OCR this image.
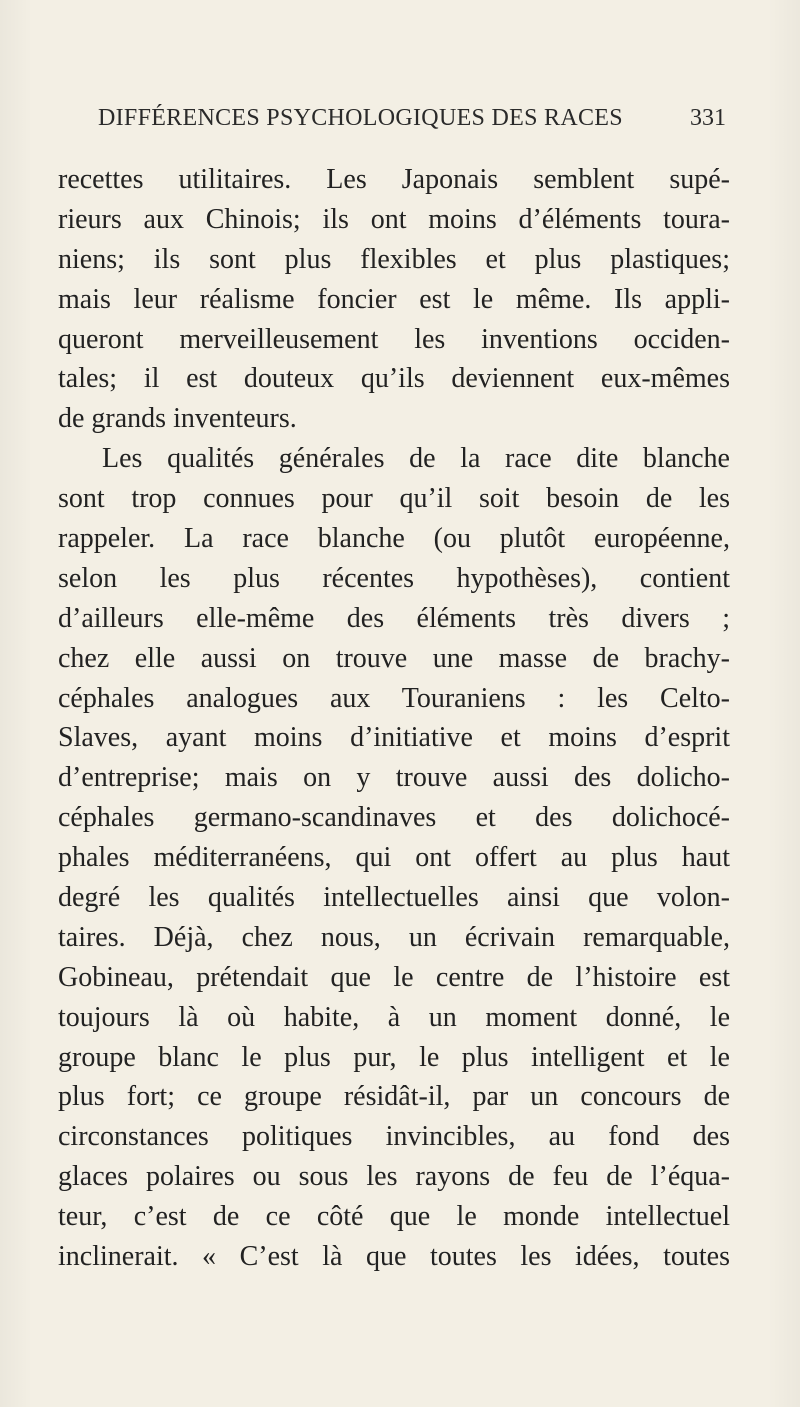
DIFFÉRENCES PSYCHOLOGIQUES DES RACES	331
recettes utilitaires. Les Japonais semblent supé-
rieurs aux Chinois; ils ont moins d’éléments toura-
niens; ils sont plus flexibles et plus plastiques;
mais leur réalisme foncier est le même. Ils appli-
queront merveilleusement les inventions occiden-
tales; il est douteux qu’ils deviennent eux-mêmes
de grands inventeurs.
Les qualités générales de la race dite blanche
sont trop connues pour qu’il soit besoin de les
rappeler. La race blanche (ou plutôt européenne,
selon les plus récentes hypothèses), contient
d’ailleurs elle-même des éléments très divers ;
chez elle aussi on trouve une masse de brachy-
céphales analogues aux Touraniens : les Celto-
Slaves, ayant moins d’initiative et moins d’esprit
d’entreprise; mais on y trouve aussi des dolicho-
céphales germano-scandinaves et des dolichocé-
phales méditerranéens, qui ont offert au plus haut
degré les qualités intellectuelles ainsi que volon-
taires. Déjà, chez nous, un écrivain remarquable,
Gobineau, prétendait que le centre de l’histoire est
toujours là où habite, à un moment donné, le
groupe blanc le plus pur, le plus intelligent et le
plus fort; ce groupe résidât-il, par un concours de
circonstances politiques invincibles, au fond des
glaces polaires ou sous les rayons de feu de l’équa-
teur, c’est de ce côté que le monde intellectuel
inclinerait. « C’est là que toutes les idées, toutes
